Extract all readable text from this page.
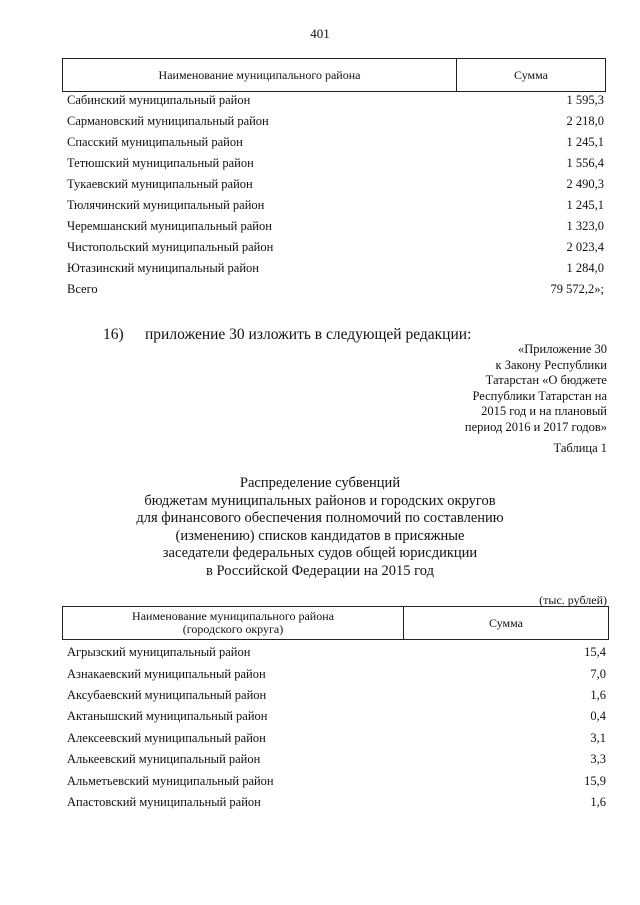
401
Наименование муниципального района	Сумма
Сабинский муниципальный район	1 595,3
Сармановский муниципальный район	2 218,0
Спасский муниципальный район	1 245,1
Тетюшский муниципальный район	1 556,4
Тукаевский муниципальный район	2 490,3
Тюлячинский муниципальный район	1 245,1
Черемшанский муниципальный район	1 323,0
Чистопольский муниципальный район	2 023,4
Ютазинский муниципальный район	1 284,0
Всего	79 572,2»;
16) приложение 30 изложить в следующей редакции:
«Приложение 30
к Закону Республики
Татарстан «О бюджете
Республики Татарстан на
2015 год и на плановый
период 2016 и 2017 годов»
Таблица 1
Распределение субвенций
бюджетам муниципальных районов и городских округов
для финансового обеспечения полномочий по составлению
(изменению) списков кандидатов в присяжные
заседатели федеральных судов общей юрисдикции
в Российской Федерации на 2015 год
(тыс. рублей)
Наименование муниципального района
(городского округа)	Сумма
Агрызский муниципальный район	15,4
Азнакаевский муниципальный район	7,0
Аксубаевский муниципальный район	1,6
Актанышский муниципальный район	0,4
Алексеевский муниципальный район	3,1
Алькеевский муниципальный район	3,3
Альметьевский муниципальный район	15,9
Апастовский муниципальный район	1,6
